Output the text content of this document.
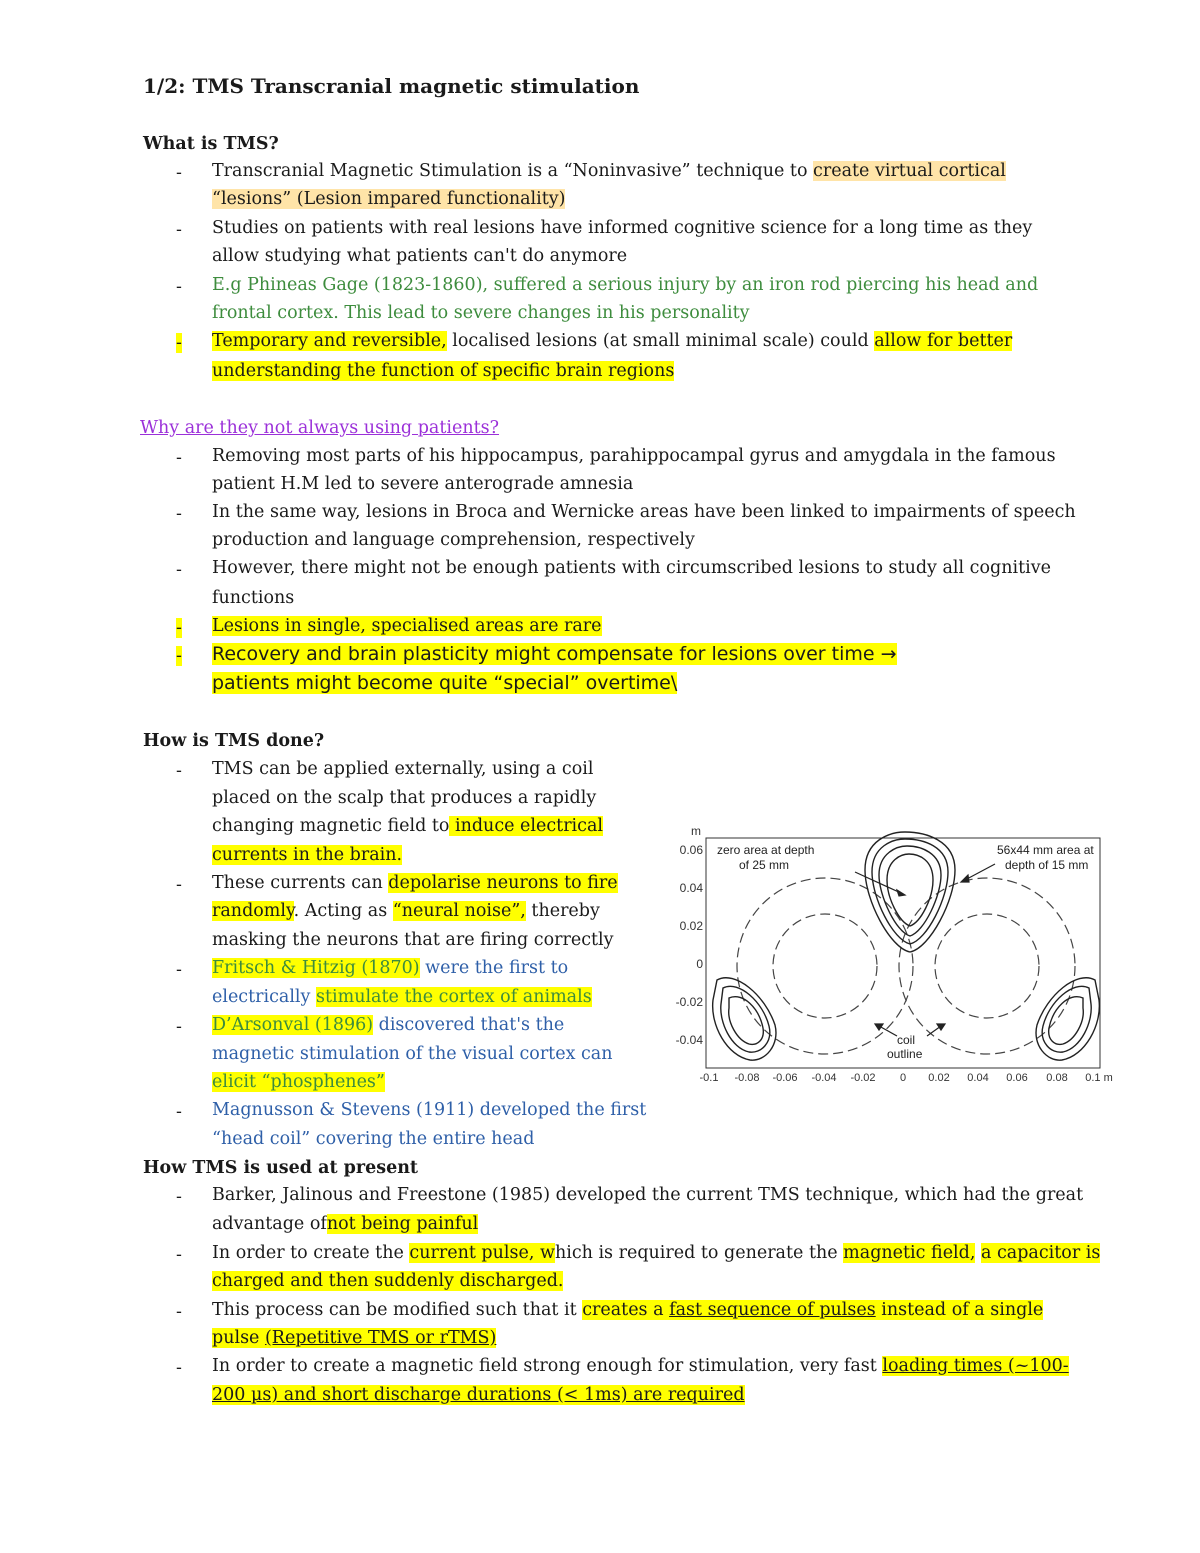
1/2: TMS Transcranial magnetic stimulation
What is TMS?
- Transcranial Magnetic Stimulation is a “Noninvasive” technique to create virtual cortical
“lesions” (Lesion impared functionality)
- Studies on patients with real lesions have informed cognitive science for a long time as they
allow studying what patients can't do anymore
- E.g Phineas Gage (1823-1860), suffered a serious injury by an iron rod piercing his head and
frontal cortex. This lead to severe changes in his personality
- Temporary and reversible, localised lesions (at small minimal scale) could allow for better
understanding the function of specific brain regions
Why are they not always using patients?
- Removing most parts of his hippocampus, parahippocampal gyrus and amygdala in the famous
patient H.M led to severe anterograde amnesia
- In the same way, lesions in Broca and Wernicke areas have been linked to impairments of speech
production and language comprehension, respectively
- However, there might not be enough patients with circumscribed lesions to study all cognitive
functions
- Lesions in single, specialised areas are rare
- Recovery and brain plasticity might compensate for lesions over time →
patients might become quite “special” overtime\
How is TMS done?
- TMS can be applied externally, using a coil
placed on the scalp that produces a rapidly
changing magnetic field to induce electrical
currents in the brain.
- These currents can depolarise neurons to fire
randomly. Acting as “neural noise”, thereby
masking the neurons that are firing correctly
- Fritsch & Hitzig (1870) were the first to
electrically stimulate the cortex of animals
- D’Arsonval (1896) discovered that's the
magnetic stimulation of the visual cortex can
elicit “phosphenes”
- Magnusson & Stevens (1911) developed the first
“head coil” covering the entire head
m
0.06
0.04
0.02
0
-0.02
-0.04
-0.1 -0.08 -0.06 -0.04 -0.02 0 0.02 0.04 0.06 0.08 0.1 m
zero area at depth
of 25 mm
56x44 mm area at
depth of 15 mm
coil
outline
How TMS is used at present
- Barker, Jalinous and Freestone (1985) developed the current TMS technique, which had the great
advantage ofnot being painful
- In order to create the current pulse, which is required to generate the magnetic field, a capacitor is
charged and then suddenly discharged.
- This process can be modified such that it creates a fast sequence of pulses instead of a single
pulse (Repetitive TMS or rTMS)
- In order to create a magnetic field strong enough for stimulation, very fast loading times (~100-
200 µs) and short discharge durations (< 1ms) are required
